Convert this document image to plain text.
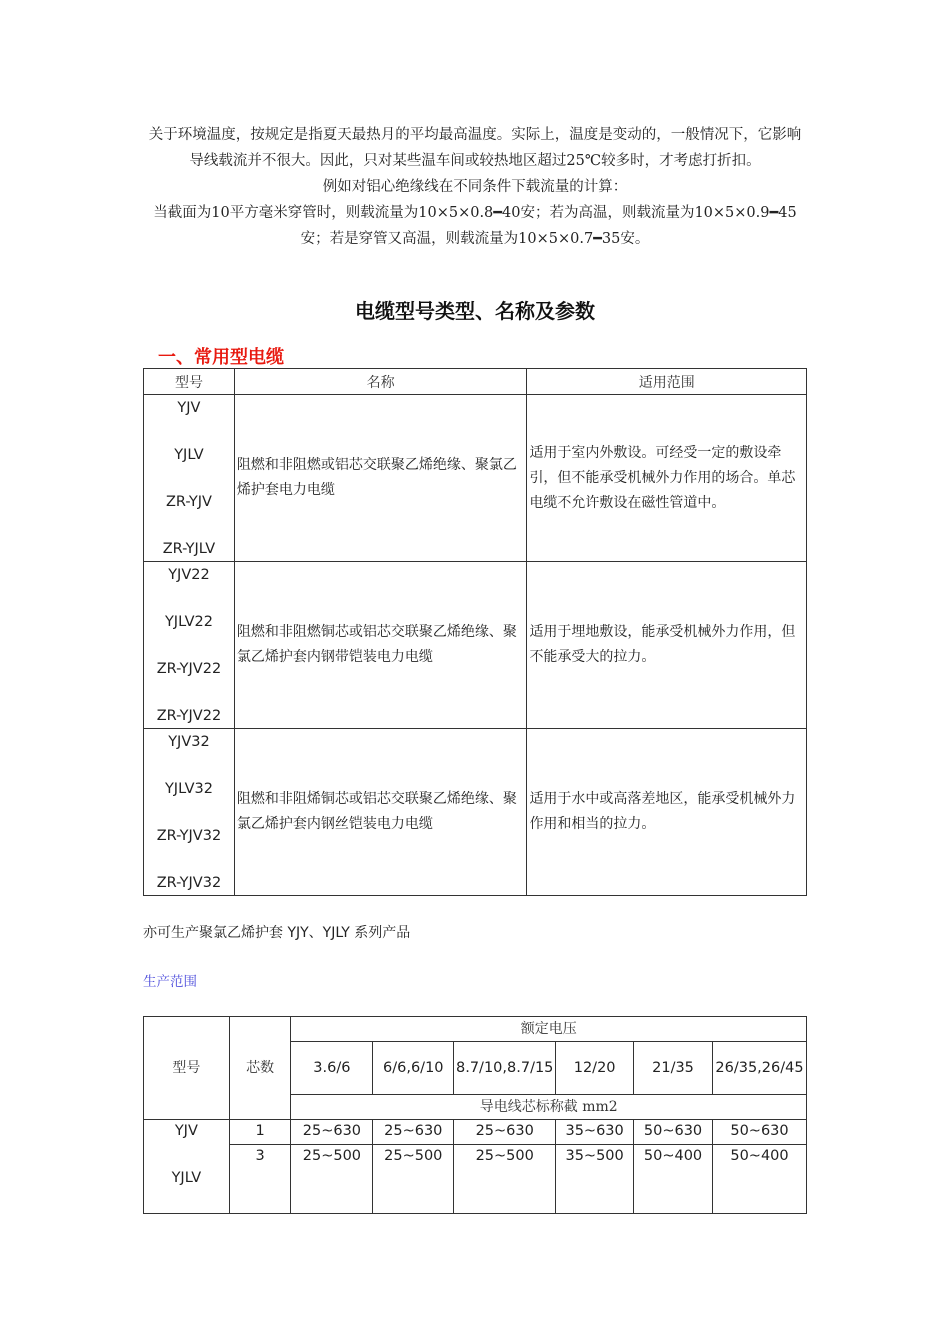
关于环境温度，按规定是指夏天最热月的平均最高温度。实际上，温度是变动的，一般情况下，它影响导线载流并不很大。因此，只对某些温车间或较热地区超过25℃较多时，才考虑打折扣。

例如对铝心绝缘线在不同条件下载流量的计算：

当截面为10平方毫米穿管时，则载流量为10×5×0.8━40安；若为高温，则载流量为10×5×0.9━45安；若是穿管又高温，则载流量为10×5×0.7━35安。

电缆型号类型、名称及参数
一、常用型电缆
型号	名称	适用范围

YJV
YJLV
ZR-YJV
ZR-YJLV	阻燃和非阻燃或铝芯交联聚乙烯绝缘、聚氯乙烯护套电力电缆	适用于室内外敷设。可经受一定的敷设牵引，但不能承受机械外力作用的场合。单芯电缆不允许敷设在磁性管道中。

YJV22
YJLV22
ZR-YJV22
ZR-YJV22	阻燃和非阻燃铜芯或铝芯交联聚乙烯绝缘、聚氯乙烯护套内钢带铠装电力电缆	适用于埋地敷设，能承受机械外力作用，但不能承受大的拉力。

YJV32
YJLV32
ZR-YJV32
ZR-YJV32	阻燃和非阻烯铜芯或铝芯交联聚乙烯绝缘、聚氯乙烯护套内钢丝铠装电力电缆	适用于水中或高落差地区，能承受机械外力作用和相当的拉力。
亦可生产聚氯乙烯护套 YJY、YJLY 系列产品
生产范围
型号	芯数	额定电压					
		3.6/6	6/6,6/10	8.7/10,8.7/15	12/20	21/35	26/35,26/45
		导电线芯标称截 mm2					

YJV
YJLV	1	25~630	25~630	25~630	35~630	50~630	50~630
	3	25~500	25~500	25~500	35~500	50~400	50~400
